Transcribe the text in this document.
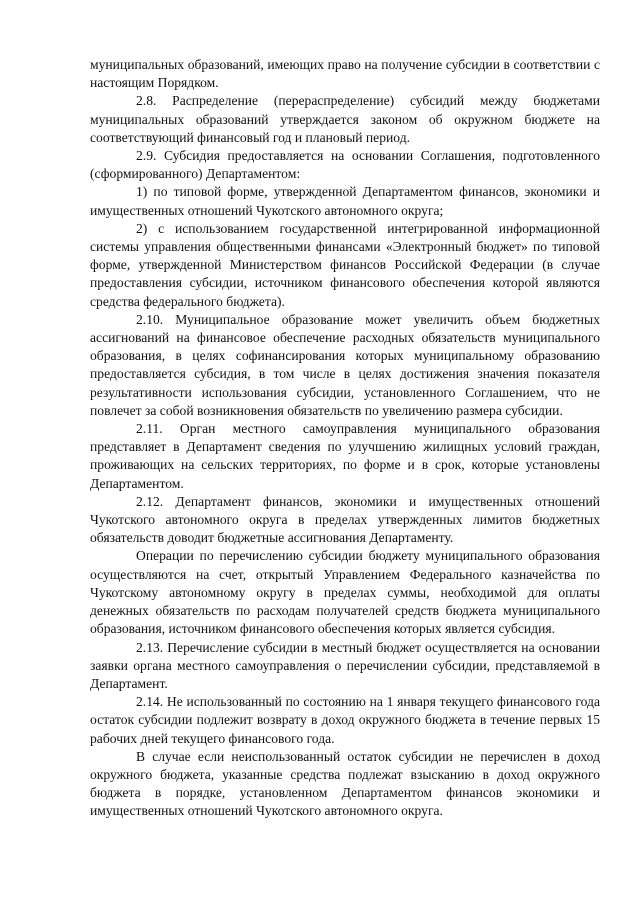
муниципальных образований, имеющих право на получение субсидии в соответствии с настоящим Порядком.

2.8. Распределение (перераспределение) субсидий между бюджетами муниципальных образований утверждается законом об окружном бюджете на соответствующий финансовый год и плановый период.

2.9. Субсидия предоставляется на основании Соглашения, подготовленного (сформированного) Департаментом:

1) по типовой форме, утвержденной Департаментом финансов, экономики и имущественных отношений Чукотского автономного округа;

2) с использованием государственной интегрированной информационной системы управления общественными финансами «Электронный бюджет» по типовой форме, утвержденной Министерством финансов Российской Федерации (в случае предоставления субсидии, источником финансового обеспечения которой являются средства федерального бюджета).

2.10. Муниципальное образование может увеличить объем бюджетных ассигнований на финансовое обеспечение расходных обязательств муниципального образования, в целях софинансирования которых муниципальному образованию предоставляется субсидия, в том числе в целях достижения значения показателя результативности использования субсидии, установленного Соглашением, что не повлечет за собой возникновения обязательств по увеличению размера субсидии.

2.11. Орган местного самоуправления муниципального образования представляет в Департамент сведения по улучшению жилищных условий граждан, проживающих на сельских территориях, по форме и в срок, которые установлены Департаментом.

2.12. Департамент финансов, экономики и имущественных отношений Чукотского автономного округа в пределах утвержденных лимитов бюджетных обязательств доводит бюджетные ассигнования Департаменту.

Операции по перечислению субсидии бюджету муниципального образования осуществляются на счет, открытый Управлением Федерального казначейства по Чукотскому автономному округу в пределах суммы, необходимой для оплаты денежных обязательств по расходам получателей средств бюджета муниципального образования, источником финансового обеспечения которых является субсидия.

2.13. Перечисление субсидии в местный бюджет осуществляется на основании заявки органа местного самоуправления о перечислении субсидии, представляемой в Департамент.

2.14. Не использованный по состоянию на 1 января текущего финансового года остаток субсидии подлежит возврату в доход окружного бюджета в течение первых 15 рабочих дней текущего финансового года.

В случае если неиспользованный остаток субсидии не перечислен в доход окружного бюджета, указанные средства подлежат взысканию в доход окружного бюджета в порядке, установленном Департаментом финансов экономики и имущественных отношений Чукотского автономного округа.
